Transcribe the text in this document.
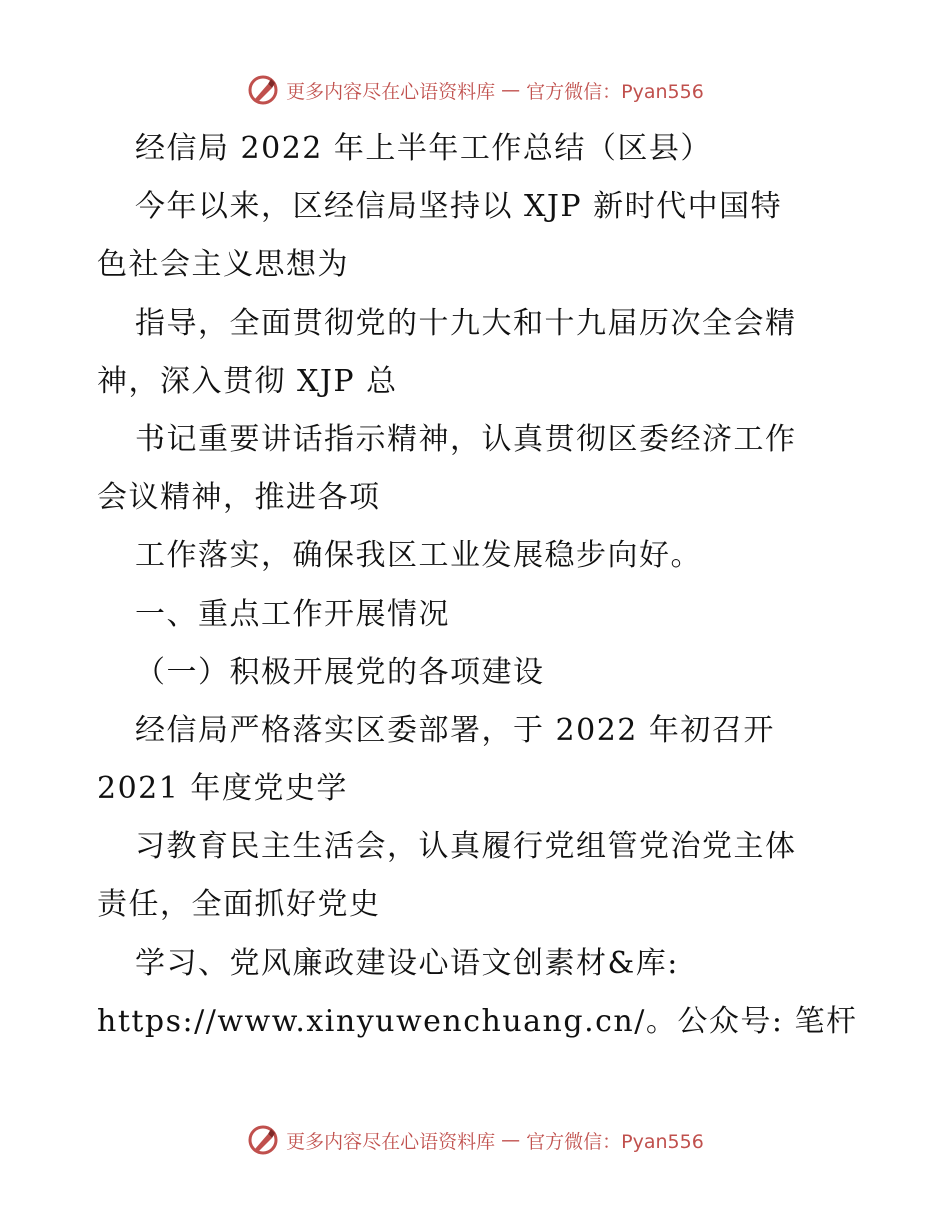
更多内容尽在心语资料库 — 官方微信：Pyan556
经信局 2022 年上半年工作总结（区县）
今年以来，区经信局坚持以 XJP 新时代中国特
色社会主义思想为
指导，全面贯彻党的十九大和十九届历次全会精
神，深入贯彻 XJP 总
书记重要讲话指示精神，认真贯彻区委经济工作
会议精神，推进各项
工作落实，确保我区工业发展稳步向好。
一、重点工作开展情况
（一）积极开展党的各项建设
经信局严格落实区委部署，于 2022 年初召开
2021 年度党史学
习教育民主生活会，认真履行党组管党治党主体
责任，全面抓好党史
学习、党风廉政建设心语文创素材&库:
https://www.xinyuwenchuang.cn/。公众号: 笔杆
更多内容尽在心语资料库 — 官方微信：Pyan556
